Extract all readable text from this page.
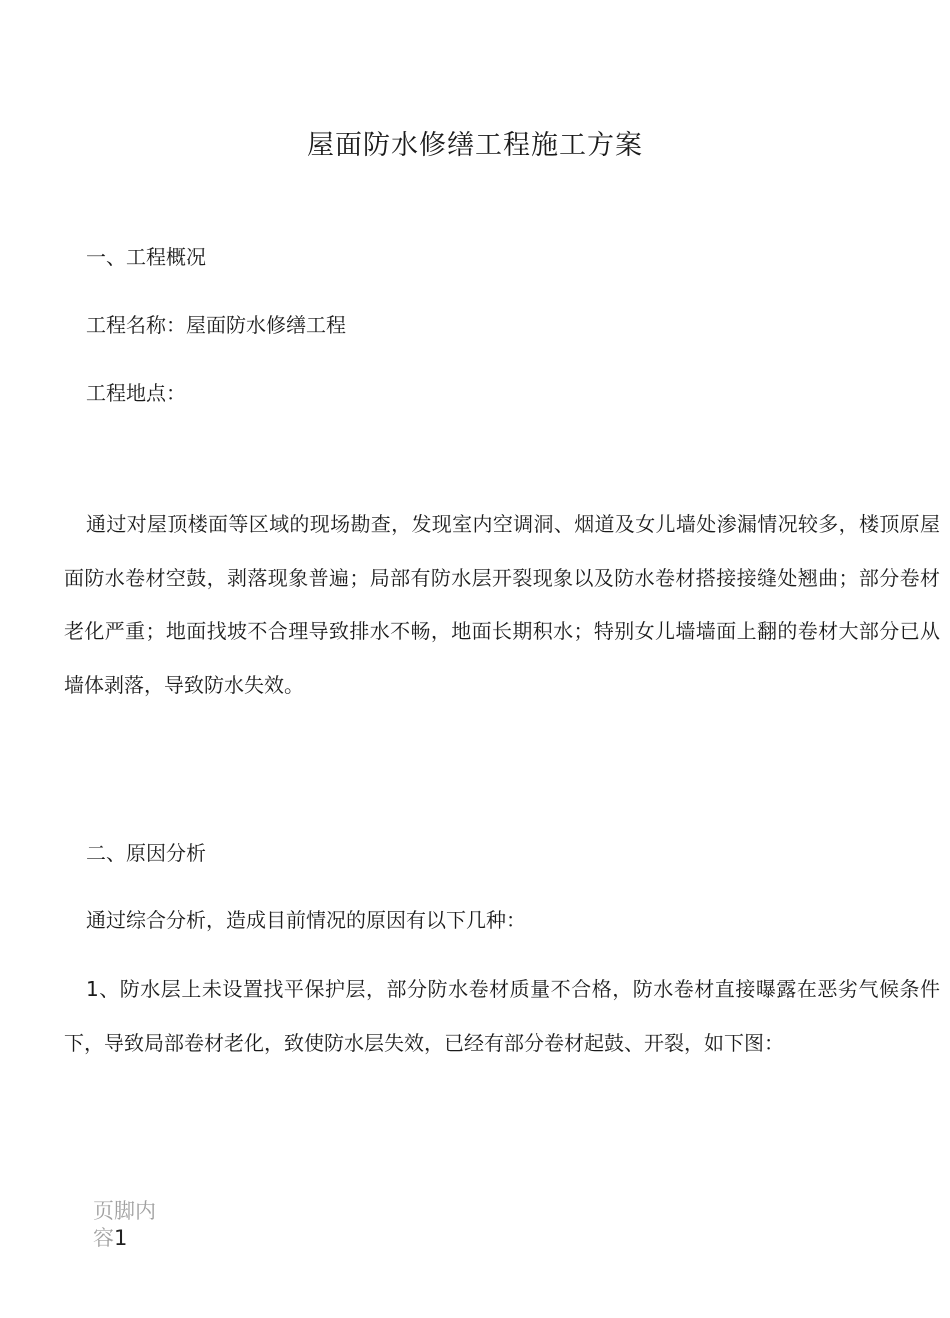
屋面防水修缮工程施工方案

一、工程概况

工程名称：屋面防水修缮工程

工程地点：

通过对屋顶楼面等区域的现场勘查，发现室内空调洞、烟道及女儿墙处渗漏情况较多，楼顶原屋面防水卷材空鼓，剥落现象普遍；局部有防水层开裂现象以及防水卷材搭接接缝处翘曲；部分卷材老化严重；地面找坡不合理导致排水不畅，地面长期积水；特别女儿墙墙面上翻的卷材大部分已从墙体剥落，导致防水失效。

二、原因分析

通过综合分析，造成目前情况的原因有以下几种：

1、防水层上未设置找平保护层，部分防水卷材质量不合格，防水卷材直接曝露在恶劣气候条件下，导致局部卷材老化，致使防水层失效，已经有部分卷材起鼓、开裂，如下图：

页脚内容1
